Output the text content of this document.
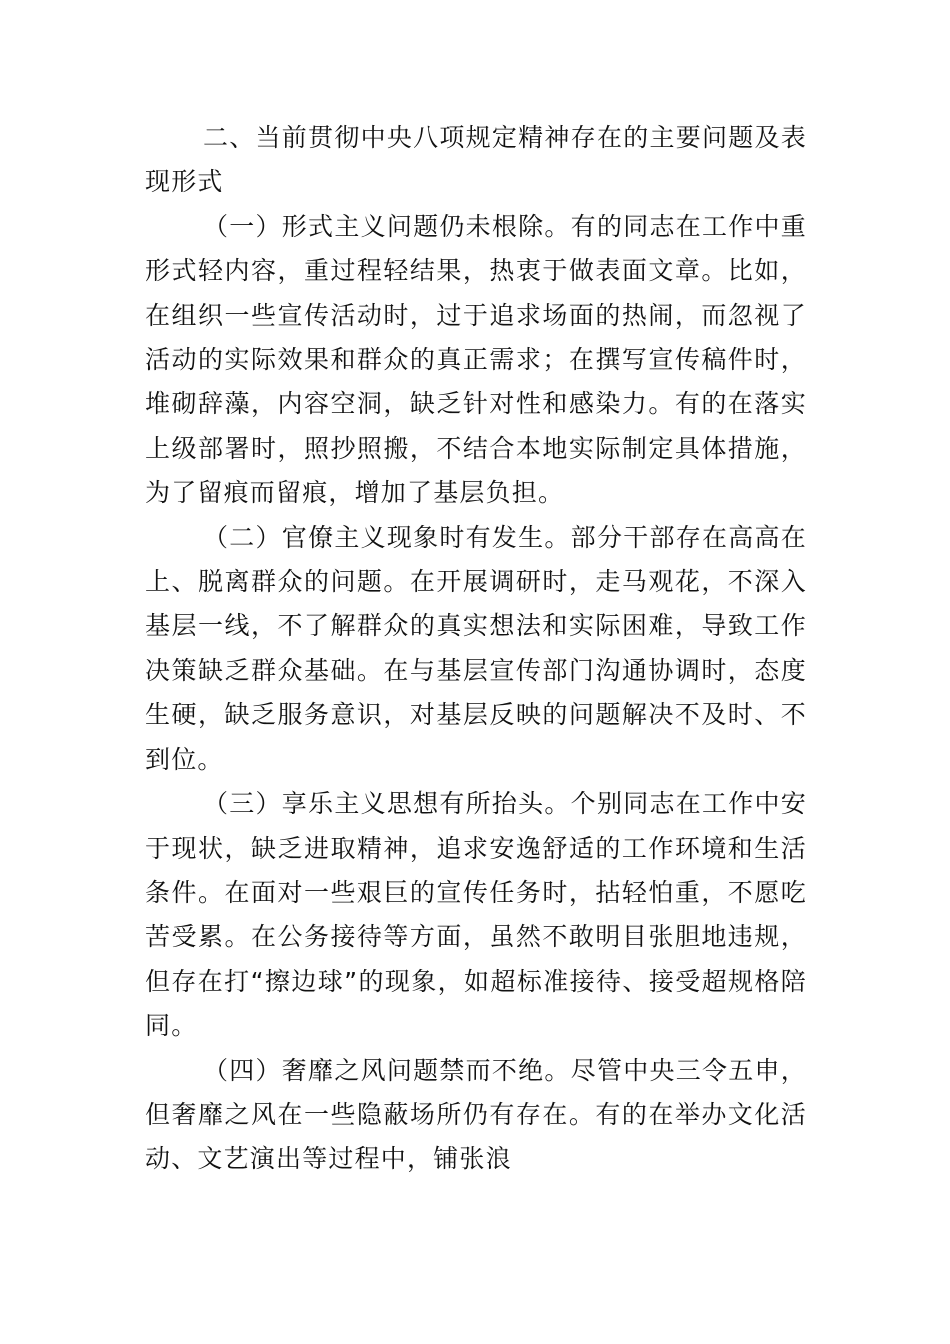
二、当前贯彻中央八项规定精神存在的主要问题及表现形式

（一）形式主义问题仍未根除。有的同志在工作中重形式轻内容，重过程轻结果，热衷于做表面文章。比如，在组织一些宣传活动时，过于追求场面的热闹，而忽视了活动的实际效果和群众的真正需求；在撰写宣传稿件时，堆砌辞藻，内容空洞，缺乏针对性和感染力。有的在落实上级部署时，照抄照搬，不结合本地实际制定具体措施，为了留痕而留痕，增加了基层负担。

（二）官僚主义现象时有发生。部分干部存在高高在上、脱离群众的问题。在开展调研时，走马观花，不深入基层一线，不了解群众的真实想法和实际困难，导致工作决策缺乏群众基础。在与基层宣传部门沟通协调时，态度生硬，缺乏服务意识，对基层反映的问题解决不及时、不到位。

（三）享乐主义思想有所抬头。个别同志在工作中安于现状，缺乏进取精神，追求安逸舒适的工作环境和生活条件。在面对一些艰巨的宣传任务时，拈轻怕重，不愿吃苦受累。在公务接待等方面，虽然不敢明目张胆地违规，但存在打“擦边球”的现象，如超标准接待、接受超规格陪同。

（四）奢靡之风问题禁而不绝。尽管中央三令五申，但奢靡之风在一些隐蔽场所仍有存在。有的在举办文化活动、文艺演出等过程中，铺张浪
